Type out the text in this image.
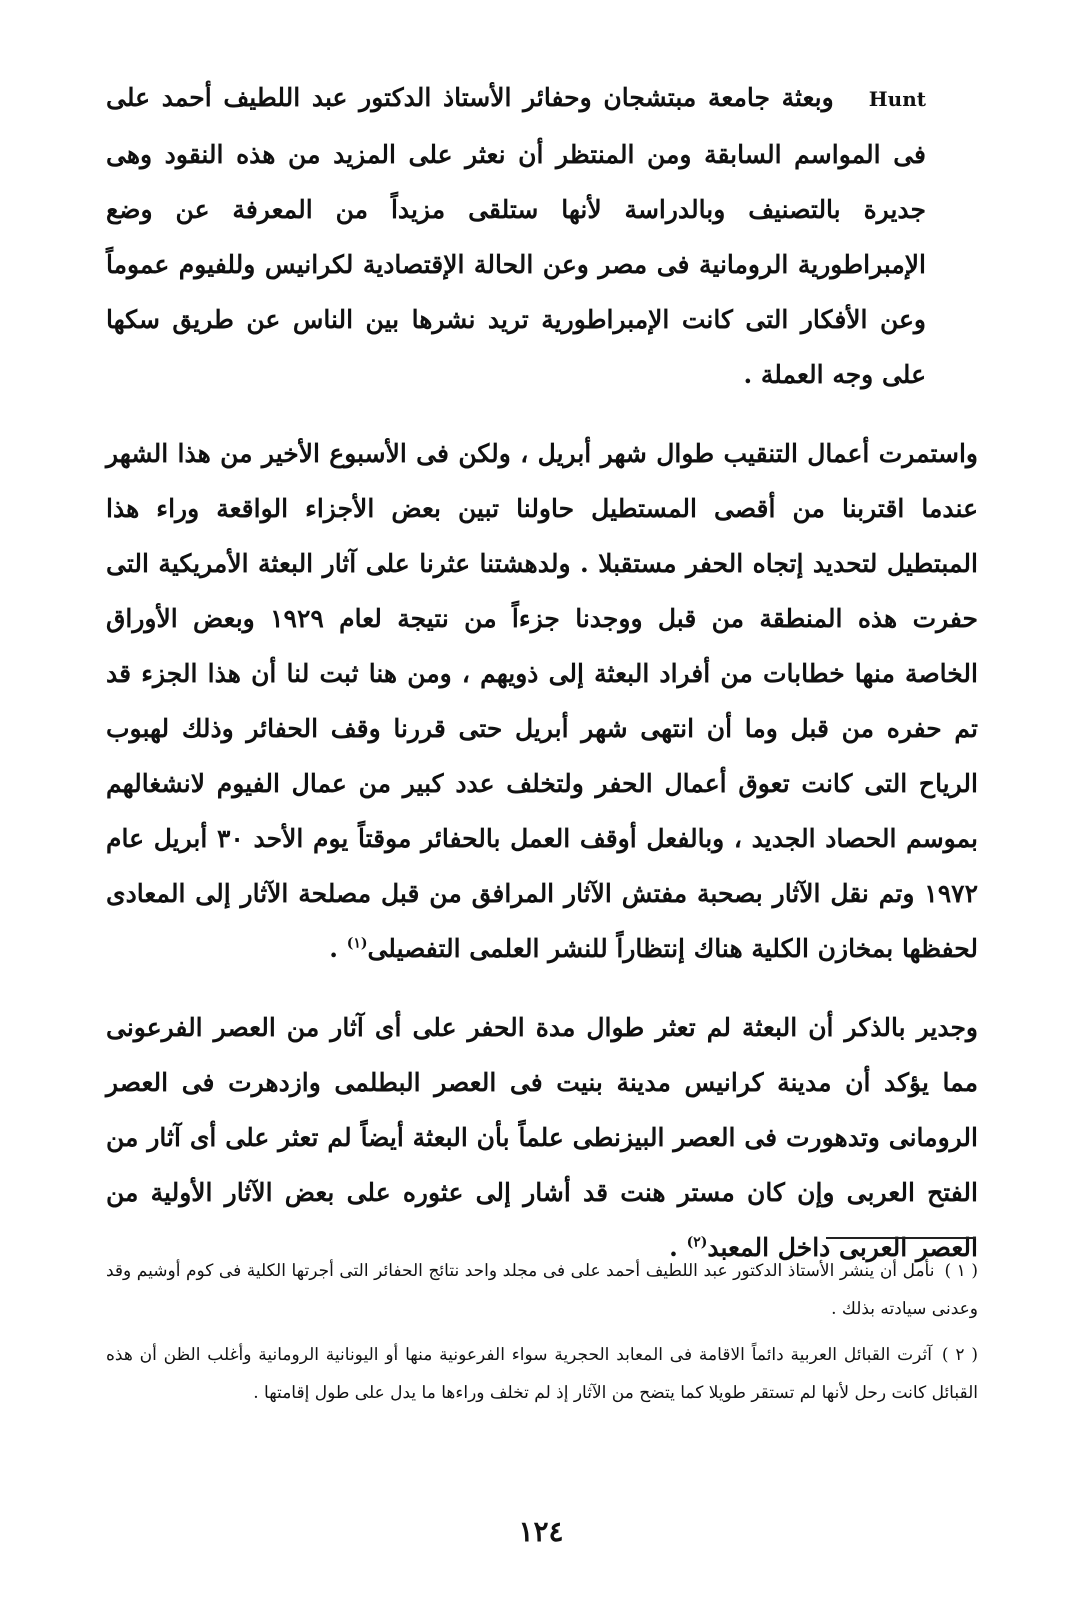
Hunt   وبعثة جامعة مبتشجان وحفائر الأستاذ الدكتور عبد اللطيف أحمد على فى المواسم السابقة ومن المنتظر أن نعثر على المزيد من هذه النقود وهى جديرة بالتصنيف وبالدراسة لأنها ستلقى مزيداً من المعرفة عن وضع الإمبراطورية الرومانية فى مصر وعن الحالة الإقتصادية لكرانيس وللفيوم عموماً وعن الأفكار التى كانت الإمبراطورية تريد نشرها بين الناس عن طريق سكها على وجه العملة .

واستمرت أعمال التنقيب طوال شهر أبريل ، ولكن فى الأسبوع الأخير من هذا الشهر عندما اقتربنا من أقصى المستطيل حاولنا تبين بعض الأجزاء الواقعة وراء هذا المبتطيل لتحديد إتجاه الحفر مستقبلا . ولدهشتنا عثرنا على آثار البعثة الأمريكية التى حفرت هذه المنطقة من قبل ووجدنا جزءاً من نتيجة لعام ١٩٢٩ وبعض الأوراق الخاصة منها خطابات من أفراد البعثة إلى ذويهم ، ومن هنا ثبت لنا أن هذا الجزء قد تم حفره من قبل وما أن انتهى شهر أبريل حتى قررنا وقف الحفائر وذلك لهبوب الرياح التى كانت تعوق أعمال الحفر ولتخلف عدد كبير من عمال الفيوم لانشغالهم بموسم الحصاد الجديد ، وبالفعل أوقف العمل بالحفائر موقتاً يوم الأحد ٣٠ أبريل عام ١٩٧٢ وتم نقل الآثار بصحبة مفتش الآثار المرافق من قبل مصلحة الآثار إلى المعادى لحفظها بمخازن الكلية هناك إنتظاراً للنشر العلمى التفصيلى$^{(١)}$ .

وجدير بالذكر أن البعثة لم تعثر طوال مدة الحفر على أى آثار من العصر الفرعونى مما يؤكد أن مدينة كرانيس مدينة بنيت فى العصر البطلمى وازدهرت فى العصر الرومانى وتدهورت فى العصر البيزنطى علماً بأن البعثة أيضاً لم تعثر على أى آثار من الفتح العربى وإن كان مستر هنت قد أشار إلى عثوره على بعض الآثار الأولية من العصر العربى داخل المعبد$^{(٢)}$ .

( ١ )نأمل أن ينشر الأستاذ الدكتور عبد اللطيف أحمد على فى مجلد واحد نتائج الحفائر التى أجرتها الكلية فى كوم أوشيم وقد وعدنى سيادته بذلك .

( ٢ )آثرت القبائل العربية دائماً الاقامة فى المعابد الحجرية سواء الفرعونية منها أو اليونانية الرومانية وأغلب الظن أن هذه القبائل كانت رحل لأنها لم تستقر طويلا كما يتضح من الآثار إذ لم تخلف وراءها ما يدل على طول إقامتها .

١٢٤
